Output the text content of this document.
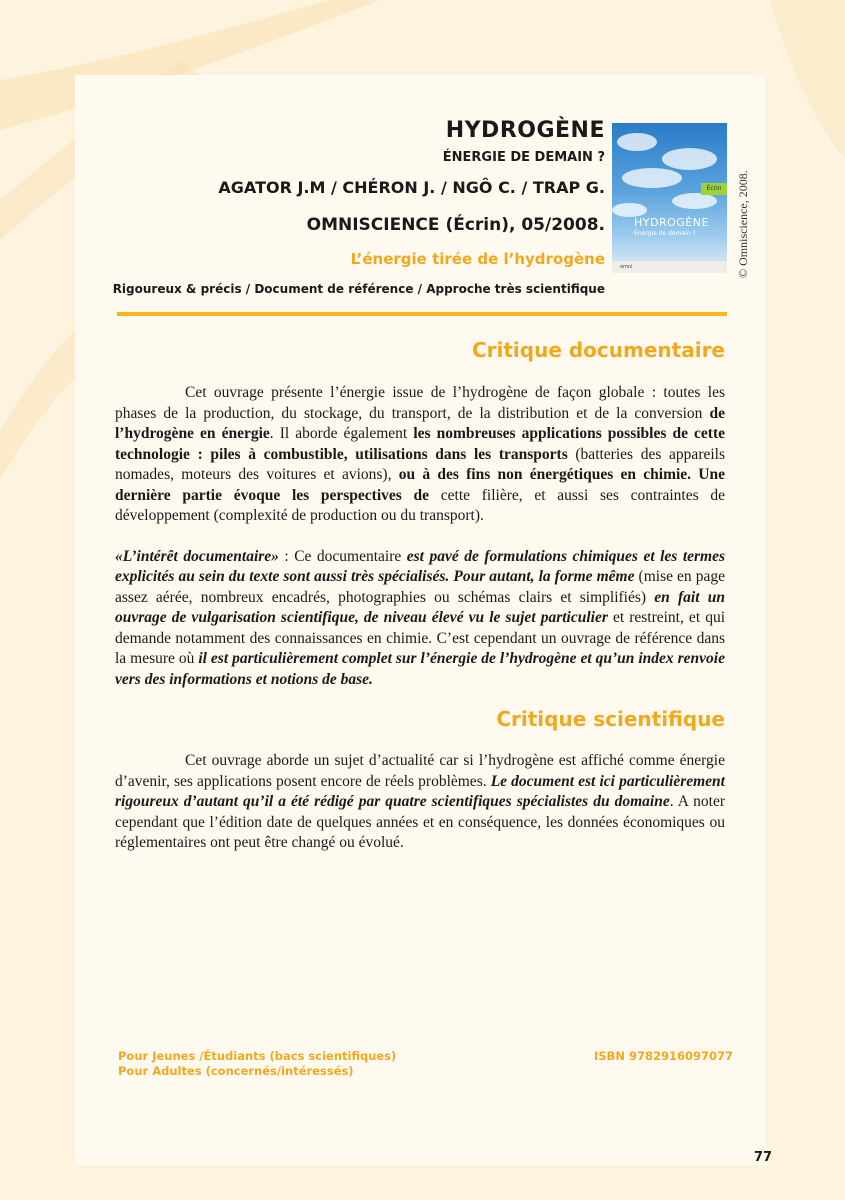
HYDROGÈNE
ÉNERGIE DE DEMAIN ?
AGATOR J.M / CHÉRON J. / NGÔ C. / TRAP G.
OMNISCIENCE (Écrin), 05/2008.
L’énergie tirée de l’hydrogène
Rigoureux & précis / Document de référence / Approche très scientifique
Écrin
HYDROGÈNE
Énergie de demain ?
omni	© Omniscience, 2008.
Critique documentaire

Cet ouvrage présente l’énergie issue de l’hydrogène de façon globale : toutes les phases de la production, du stockage, du transport, de la distribution et de la conversion de l’hydrogène en énergie. Il aborde également les nombreuses applications possibles de cette technologie : piles à combustible, utilisations dans les transports (batteries des appareils nomades, moteurs des voitures et avions), ou à des fins non énergétiques en chimie. Une dernière partie évoque les perspectives de cette filière, et aussi ses contraintes de développement (complexité de production ou du transport).

«L’intérêt documentaire» : Ce documentaire est pavé de formulations chimiques et les termes explicités au sein du texte sont aussi très spécialisés. Pour autant, la forme même (mise en page assez aérée, nombreux encadrés, photographies ou schémas clairs et simplifiés) en fait un ouvrage de vulgarisation scientifique, de niveau élevé vu le sujet particulier et restreint, et qui demande notamment des connaissances en chimie. C’est cependant un ouvrage de référence dans la mesure où il est particulièrement complet sur l’énergie de l’hydrogène et qu’un index renvoie vers des informations et notions de base.

Critique scientifique

Cet ouvrage aborde un sujet d’actualité car si l’hydrogène est affiché comme énergie d’avenir, ses applications posent encore de réels problèmes. Le document est ici particulièrement rigoureux d’autant qu’il a été rédigé par quatre scientifiques spécialistes du domaine. A noter cependant que l’édition date de quelques années et en conséquence, les données économiques ou réglementaires ont peut être changé ou évolué.

Pour Jeunes /Étudiants (bacs scientifiques)
Pour Adultes (concernés/intéressés)
ISBN 9782916097077
77
